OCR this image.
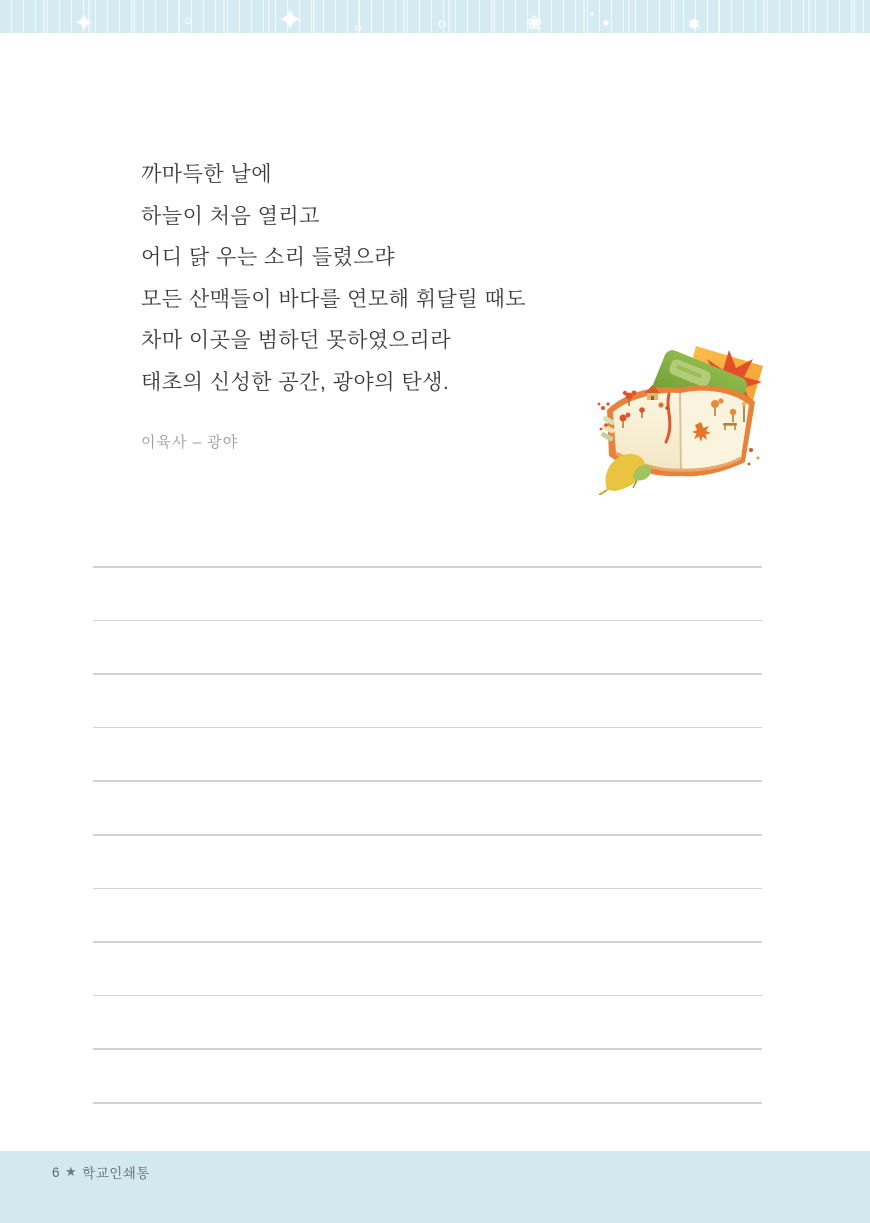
✦	○	✦	○	○	❀	▪
●	✱
까마득한 날에
하늘이 처음 열리고
어디 닭 우는 소리 들렸으랴
모든 산맥들이 바다를 연모해 휘달릴 때도
차마 이곳을 범하던 못하였으리라
태초의 신성한 공간, 광야의 탄생.
이육사 – 광야
6 ★ 학교인쇄통
